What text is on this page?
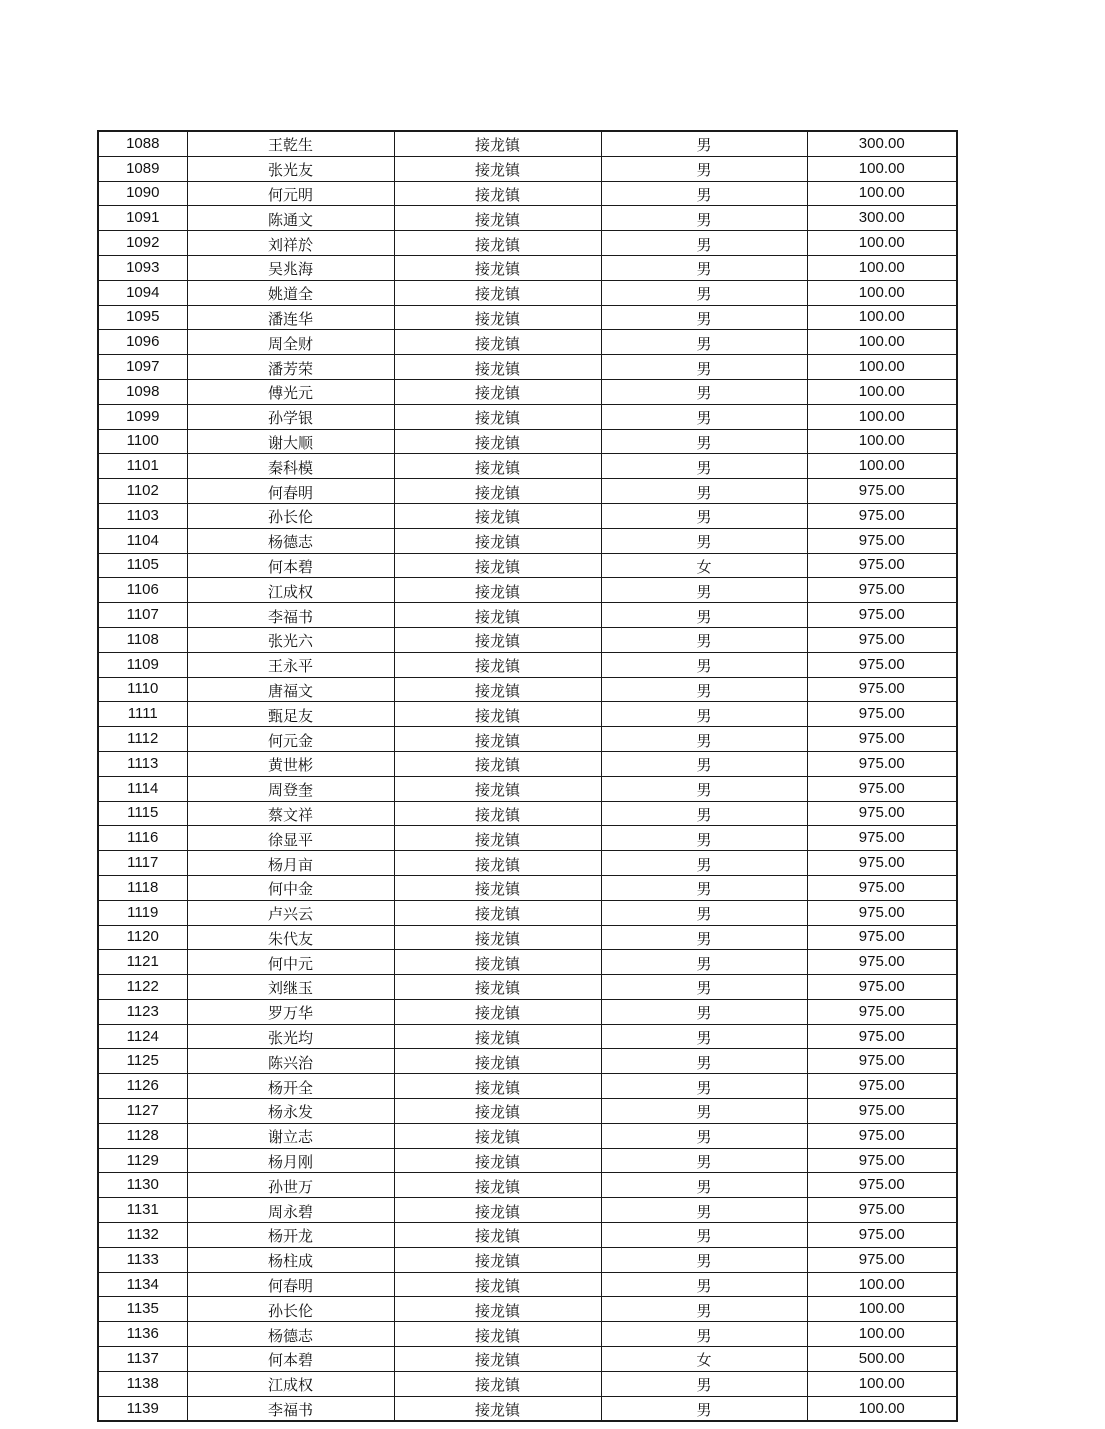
1088	王乾生	接龙镇	男	300.00
1089	张光友	接龙镇	男	100.00
1090	何元明	接龙镇	男	100.00
1091	陈通文	接龙镇	男	300.00
1092	刘祥於	接龙镇	男	100.00
1093	吴兆海	接龙镇	男	100.00
1094	姚道全	接龙镇	男	100.00
1095	潘连华	接龙镇	男	100.00
1096	周全财	接龙镇	男	100.00
1097	潘芳荣	接龙镇	男	100.00
1098	傅光元	接龙镇	男	100.00
1099	孙学银	接龙镇	男	100.00
1100	谢大顺	接龙镇	男	100.00
1101	秦科模	接龙镇	男	100.00
1102	何春明	接龙镇	男	975.00
1103	孙长伦	接龙镇	男	975.00
1104	杨德志	接龙镇	男	975.00
1105	何本碧	接龙镇	女	975.00
1106	江成权	接龙镇	男	975.00
1107	李福书	接龙镇	男	975.00
1108	张光六	接龙镇	男	975.00
1109	王永平	接龙镇	男	975.00
1110	唐福文	接龙镇	男	975.00
1111	甄足友	接龙镇	男	975.00
1112	何元金	接龙镇	男	975.00
1113	黄世彬	接龙镇	男	975.00
1114	周登奎	接龙镇	男	975.00
1115	蔡文祥	接龙镇	男	975.00
1116	徐显平	接龙镇	男	975.00
1117	杨月亩	接龙镇	男	975.00
1118	何中金	接龙镇	男	975.00
1119	卢兴云	接龙镇	男	975.00
1120	朱代友	接龙镇	男	975.00
1121	何中元	接龙镇	男	975.00
1122	刘继玉	接龙镇	男	975.00
1123	罗万华	接龙镇	男	975.00
1124	张光均	接龙镇	男	975.00
1125	陈兴治	接龙镇	男	975.00
1126	杨开全	接龙镇	男	975.00
1127	杨永发	接龙镇	男	975.00
1128	谢立志	接龙镇	男	975.00
1129	杨月刚	接龙镇	男	975.00
1130	孙世万	接龙镇	男	975.00
1131	周永碧	接龙镇	男	975.00
1132	杨开龙	接龙镇	男	975.00
1133	杨柱成	接龙镇	男	975.00
1134	何春明	接龙镇	男	100.00
1135	孙长伦	接龙镇	男	100.00
1136	杨德志	接龙镇	男	100.00
1137	何本碧	接龙镇	女	500.00
1138	江成权	接龙镇	男	100.00
1139	李福书	接龙镇	男	100.00
